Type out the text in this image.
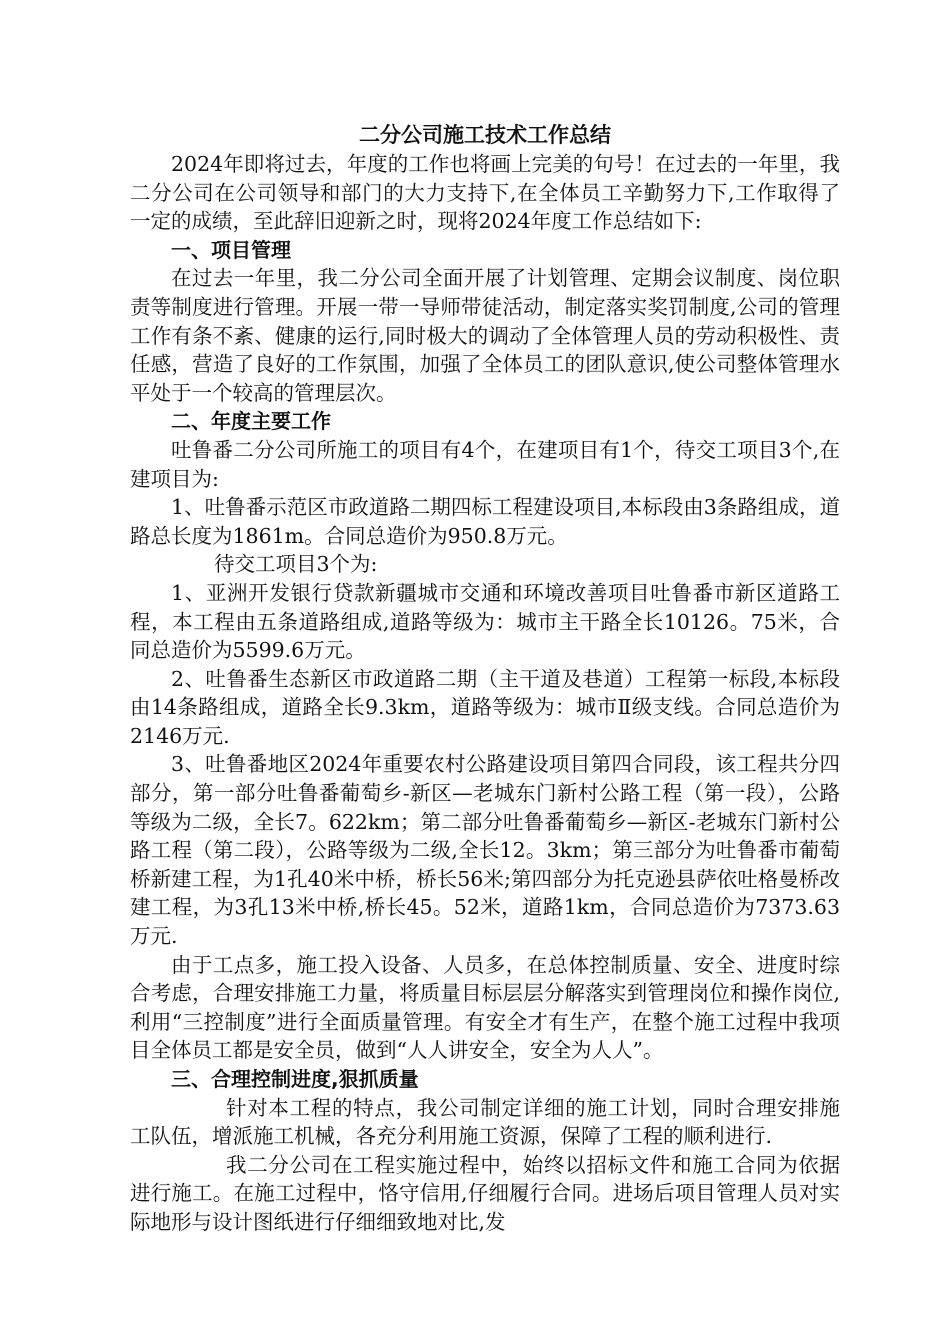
二分公司施工技术工作总结

2024年即将过去，年度的工作也将画上完美的句号！在过去的一年里，我二分公司在公司领导和部门的大力支持下,在全体员工辛勤努力下,工作取得了一定的成绩，至此辞旧迎新之时，现将2024年度工作总结如下:

一、项目管理

在过去一年里，我二分公司全面开展了计划管理、定期会议制度、岗位职责等制度进行管理。开展一带一导师带徒活动，制定落实奖罚制度,公司的管理工作有条不紊、健康的运行,同时极大的调动了全体管理人员的劳动积极性、责任感，营造了良好的工作氛围，加强了全体员工的团队意识,使公司整体管理水平处于一个较高的管理层次。

二、年度主要工作

吐鲁番二分公司所施工的项目有4个，在建项目有1个，待交工项目3个,在建项目为:

1、吐鲁番示范区市政道路二期四标工程建设项目,本标段由3条路组成，道路总长度为1861m。合同总造价为950.8万元。

待交工项目3个为:

1、亚洲开发银行贷款新疆城市交通和环境改善项目吐鲁番市新区道路工程，本工程由五条道路组成,道路等级为：城市主干路全长10126。75米，合同总造价为5599.6万元。

2、吐鲁番生态新区市政道路二期（主干道及巷道）工程第一标段,本标段由14条路组成，道路全长9.3km，道路等级为：城市Ⅱ级支线。合同总造价为2146万元.

3、吐鲁番地区2024年重要农村公路建设项目第四合同段，该工程共分四部分，第一部分吐鲁番葡萄乡-新区—老城东门新村公路工程（第一段），公路等级为二级，全长7。622km；第二部分吐鲁番葡萄乡—新区-老城东门新村公路工程（第二段），公路等级为二级,全长12。3km；第三部分为吐鲁番市葡萄桥新建工程，为1孔40米中桥，桥长56米;第四部分为托克逊县萨依吐格曼桥改建工程，为3孔13米中桥,桥长45。52米，道路1km，合同总造价为7373.63万元.

由于工点多，施工投入设备、人员多，在总体控制质量、安全、进度时综合考虑，合理安排施工力量，将质量目标层层分解落实到管理岗位和操作岗位,利用“三控制度”进行全面质量管理。有安全才有生产，在整个施工过程中我项目全体员工都是安全员，做到“人人讲安全，安全为人人”。

三、合理控制进度,狠抓质量

针对本工程的特点，我公司制定详细的施工计划，同时合理安排施工队伍，增派施工机械，各充分利用施工资源，保障了工程的顺利进行.

我二分公司在工程实施过程中，始终以招标文件和施工合同为依据进行施工。在施工过程中，恪守信用,仔细履行合同。进场后项目管理人员对实际地形与设计图纸进行仔细细致地对比,发
